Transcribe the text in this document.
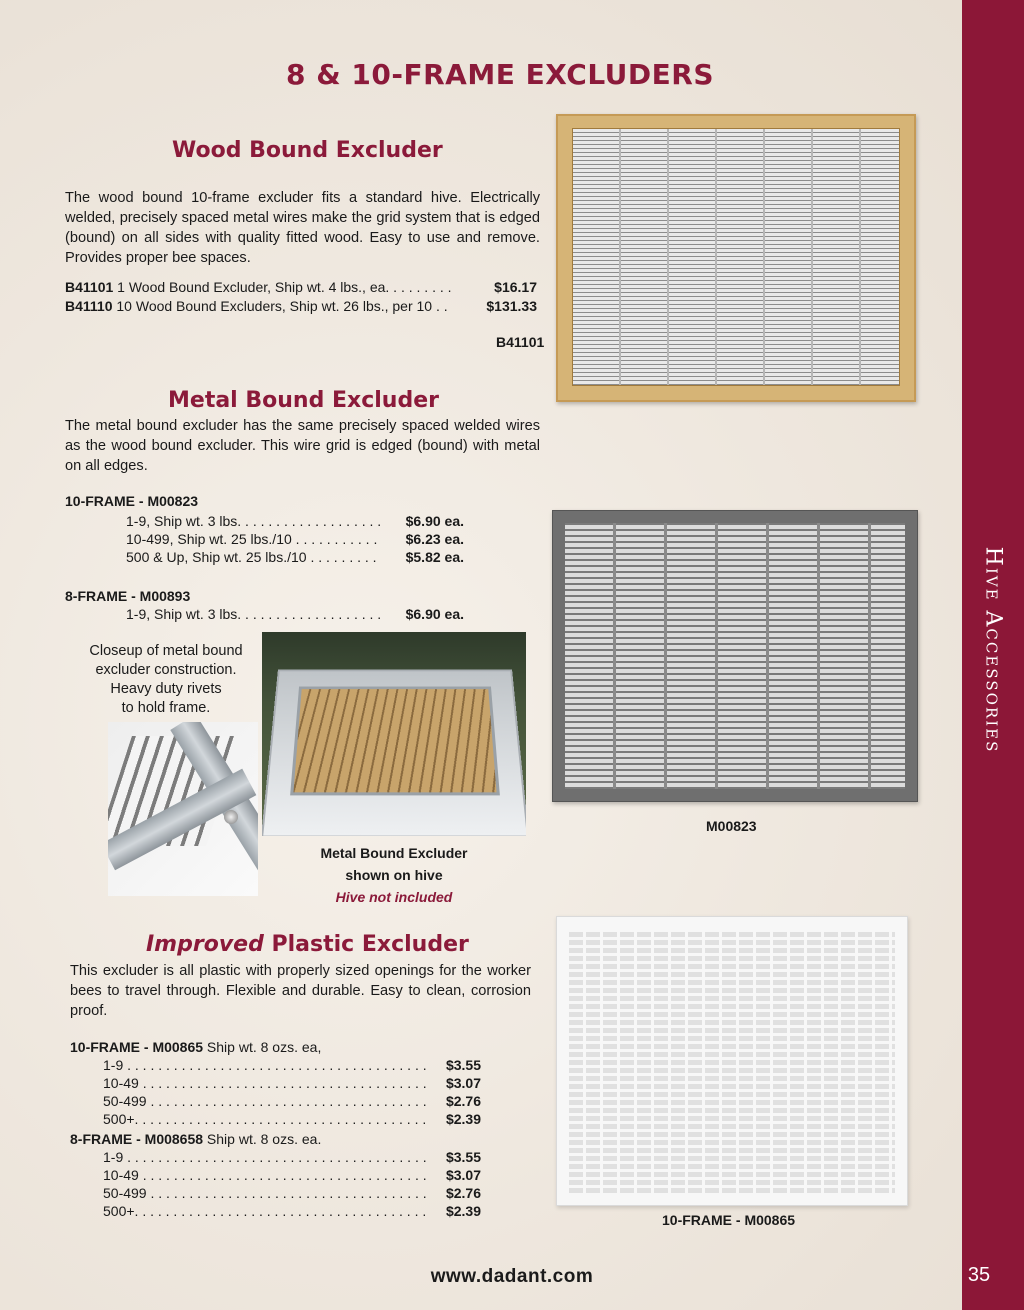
Hive Accessories
35
8 & 10-FRAME EXCLUDERS
Wood Bound Excluder
The wood bound 10-frame excluder fits a standard hive. Electrically welded, precisely spaced metal wires make the grid system that is edged (bound) on all sides with quality fitted wood. Easy to use and remove. Provides proper bee spaces.
B41101 1 Wood Bound Excluder, Ship wt. 4 lbs., ea. . . . . . . . .	$16.17
B41110 10 Wood Bound Excluders, Ship wt. 26 lbs., per 10 . .	$131.33
B41101
Metal Bound Excluder
The metal bound excluder has the same precisely spaced welded wires as the wood bound excluder. This wire grid is edged (bound) with metal on all edges.
10-FRAME - M00823
1-9, Ship wt. 3 lbs. . . . . . . . . . . . . . . . . . . $6.90 ea.
10-499, Ship wt. 25 lbs./10 . . . . . . . . . . . $6.23 ea.
500 & Up, Ship wt. 25 lbs./10 . . . . . . . . . $5.82 ea.
8-FRAME - M00893
1-9, Ship wt. 3 lbs. . . . . . . . . . . . . . . . . . . $6.90 ea.
Closeup of metal bound
excluder construction.
Heavy duty rivets
to hold frame.
Metal Bound Excluder
shown on hive
Hive not included
M00823
Improved Plastic Excluder
This excluder is all plastic with properly sized openings for the worker bees to travel through. Flexible and durable. Easy to clean, corrosion proof.
10-FRAME - M00865 Ship wt. 8 ozs. ea,
1-9 . . . . . . . . . . . . . . . . . . . . . . . . . . . . . . . . . . . . . . . $3.55
10-49 . . . . . . . . . . . . . . . . . . . . . . . . . . . . . . . . . . . . . $3.07
50-499 . . . . . . . . . . . . . . . . . . . . . . . . . . . . . . . . . . . . $2.76
500+. . . . . . . . . . . . . . . . . . . . . . . . . . . . . . . . . . . . . . $2.39
8-FRAME - M008658 Ship wt. 8 ozs. ea.
1-9 . . . . . . . . . . . . . . . . . . . . . . . . . . . . . . . . . . . . . . . $3.55
10-49 . . . . . . . . . . . . . . . . . . . . . . . . . . . . . . . . . . . . . $3.07
50-499 . . . . . . . . . . . . . . . . . . . . . . . . . . . . . . . . . . . . $2.76
500+. . . . . . . . . . . . . . . . . . . . . . . . . . . . . . . . . . . . . . $2.39
10-FRAME - M00865
www.dadant.com
